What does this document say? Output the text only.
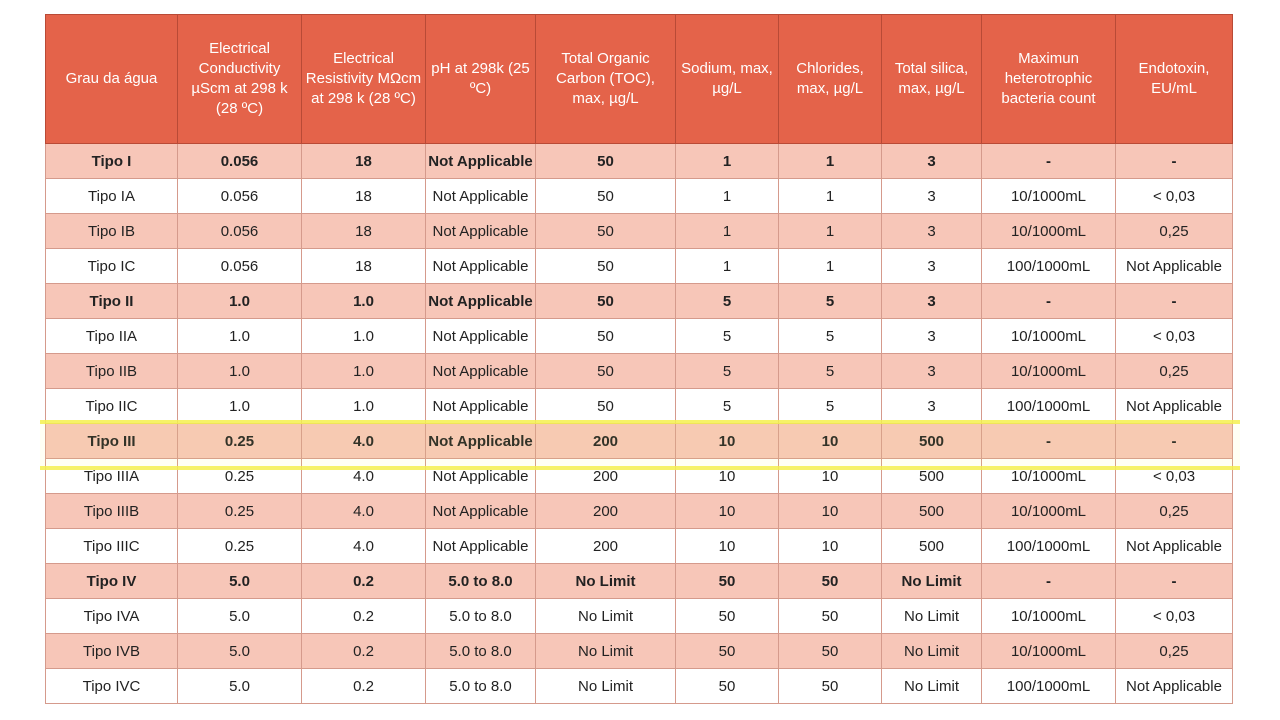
Grau da água	Electrical Conductivity µScm at 298 k (28 ºC)	Electrical Resistivity MΩcm at 298 k (28 ºC)	pH at 298k (25 ºC)	Total Organic Carbon (TOC), max, µg/L	Sodium, max, µg/L	Chlorides, max, µg/L	Total silica, max, µg/L	Maximun heterotrophic bacteria count	Endotoxin, EU/mL
Tipo I	0.056	18	Not Applicable	50	1	1	3	-	-
Tipo IA	0.056	18	Not Applicable	50	1	1	3	10/1000mL	< 0,03
Tipo IB	0.056	18	Not Applicable	50	1	1	3	10/1000mL	0,25
Tipo IC	0.056	18	Not Applicable	50	1	1	3	100/1000mL	Not Applicable
Tipo II	1.0	1.0	Not Applicable	50	5	5	3	-	-
Tipo IIA	1.0	1.0	Not Applicable	50	5	5	3	10/1000mL	< 0,03
Tipo IIB	1.0	1.0	Not Applicable	50	5	5	3	10/1000mL	0,25
Tipo IIC	1.0	1.0	Not Applicable	50	5	5	3	100/1000mL	Not Applicable
Tipo III	0.25	4.0	Not Applicable	200	10	10	500	-	-
Tipo IIIA	0.25	4.0	Not Applicable	200	10	10	500	10/1000mL	< 0,03
Tipo IIIB	0.25	4.0	Not Applicable	200	10	10	500	10/1000mL	0,25
Tipo IIIC	0.25	4.0	Not Applicable	200	10	10	500	100/1000mL	Not Applicable
Tipo IV	5.0	0.2	5.0 to 8.0	No Limit	50	50	No Limit	-	-
Tipo IVA	5.0	0.2	5.0 to 8.0	No Limit	50	50	No Limit	10/1000mL	< 0,03
Tipo IVB	5.0	0.2	5.0 to 8.0	No Limit	50	50	No Limit	10/1000mL	0,25
Tipo IVC	5.0	0.2	5.0 to 8.0	No Limit	50	50	No Limit	100/1000mL	Not Applicable
